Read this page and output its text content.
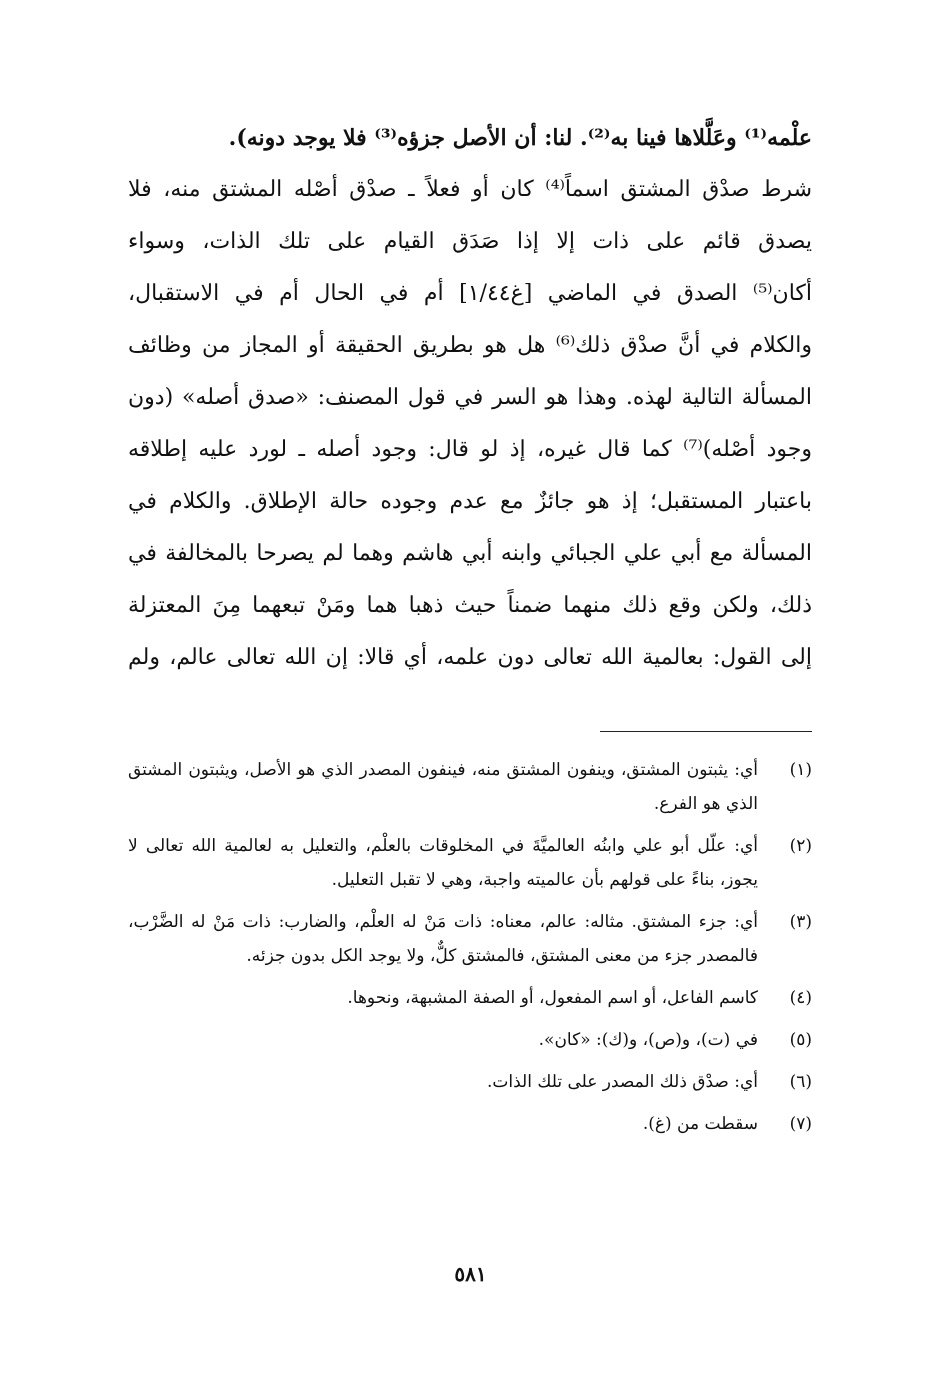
علْمه⁽¹⁾ وعَلَّلاها فينا به⁽²⁾. لنا: أن الأصل جزؤه⁽³⁾ فلا يوجد دونه).

شرط صدْق المشتق اسماً⁽⁴⁾ كان أو فعلاً ـ صدْق أصْله المشتق منه، فلا

يصدق قائم على ذات إلا إذا صَدَق القيام على تلك الذات، وسواء

أكان⁽⁵⁾ الصدق في الماضي [غ١/٤٤] أم في الحال أم في الاستقبال،

والكلام في أنَّ صدْق ذلك⁽⁶⁾ هل هو بطريق الحقيقة أو المجاز من وظائف

المسألة التالية لهذه. وهذا هو السر في قول المصنف: «صدق أصله» (دون

وجود أصْله)⁽⁷⁾ كما قال غيره، إذ لو قال: وجود أصله ـ لورد عليه إطلاقه

باعتبار المستقبل؛ إذ هو جائزٌ مع عدم وجوده حالة الإطلاق. والكلام في

المسألة مع أبي علي الجبائي وابنه أبي هاشم وهما لم يصرحا بالمخالفة في

ذلك، ولكن وقع ذلك منهما ضمناً حيث ذهبا هما ومَنْ تبعهما مِنَ المعتزلة

إلى القول: بعالمية الله تعالى دون علمه، أي قالا: إن الله تعالى عالم، ولم

(١)
أي: يثبتون المشتق، وينفون المشتق منه، فينفون المصدر الذي هو الأصل، ويثبتون المشتق الذي هو الفرع.
(٢)
أي: علّل أبو علي وابنُه العالميَّةَ في المخلوقات بالعلْم، والتعليل به لعالمية الله تعالى لا يجوز، بناءً على قولهم بأن عالميته واجبة، وهي لا تقبل التعليل.
(٣)
أي: جزء المشتق. مثاله: عالم، معناه: ذات مَنْ له العلْم، والضارب: ذات مَنْ له الضَّرْب، فالمصدر جزء من معنى المشتق، فالمشتق كلٌّ، ولا يوجد الكل بدون جزئه.
(٤)
كاسم الفاعل، أو اسم المفعول، أو الصفة المشبهة، ونحوها.
(٥)
في (ت)، و(ص)، و(ك): «كان».
(٦)
أي: صدْق ذلك المصدر على تلك الذات.
(٧)
سقطت من (غ).
٥٨١
